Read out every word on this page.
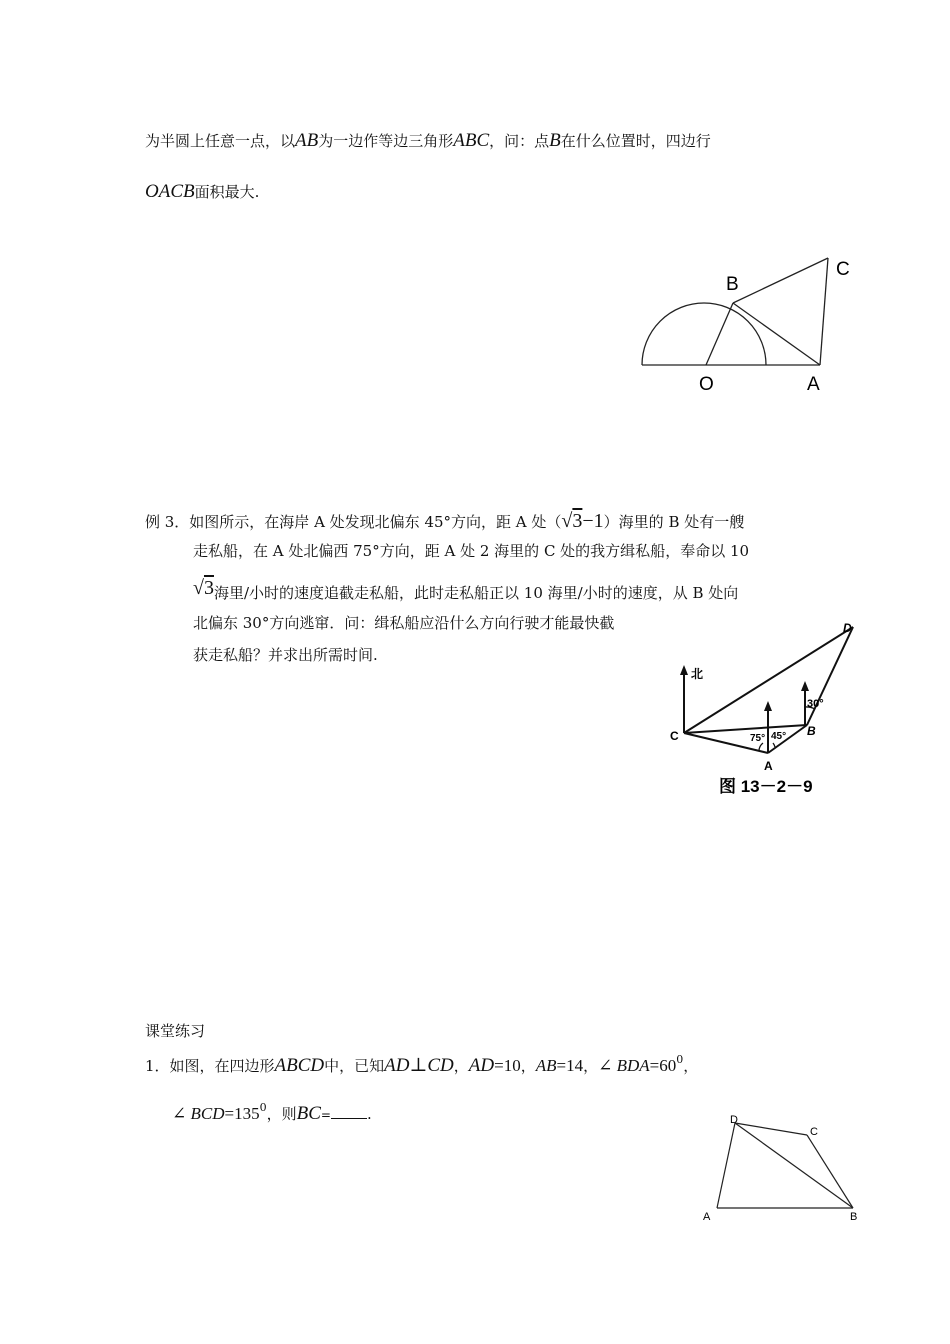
为半圆上任意一点，以AB为一边作等边三角形ABC，问：点B在什么位置时，四边行
OACB面积最大.
B
C
O	A
例 3．如图所示，在海岸 A 处发现北偏东 45°方向，距 A 处（√3−1）海里的 B 处有一艘
走私船，在 A 处北偏西 75°方向，距 A 处 2 海里的 C 处的我方缉私船，奉命以 10
√3海里/小时的速度追截走私船，此时走私船正以 10 海里/小时的速度，从 B 处向
北偏东 30°方向逃窜．问：缉私船应沿什么方向行驶才能最快截
获走私船？并求出所需时间.
北
D
C	B
A
30°
75° 45°
图 13－2－9
课堂练习
1．如图，在四边形ABCD中，已知AD⊥CD，AD=10，AB=14，∠ $BDA=60^0$，
∠ $BCD=135^0$，则BC= .	D
C
A	B
